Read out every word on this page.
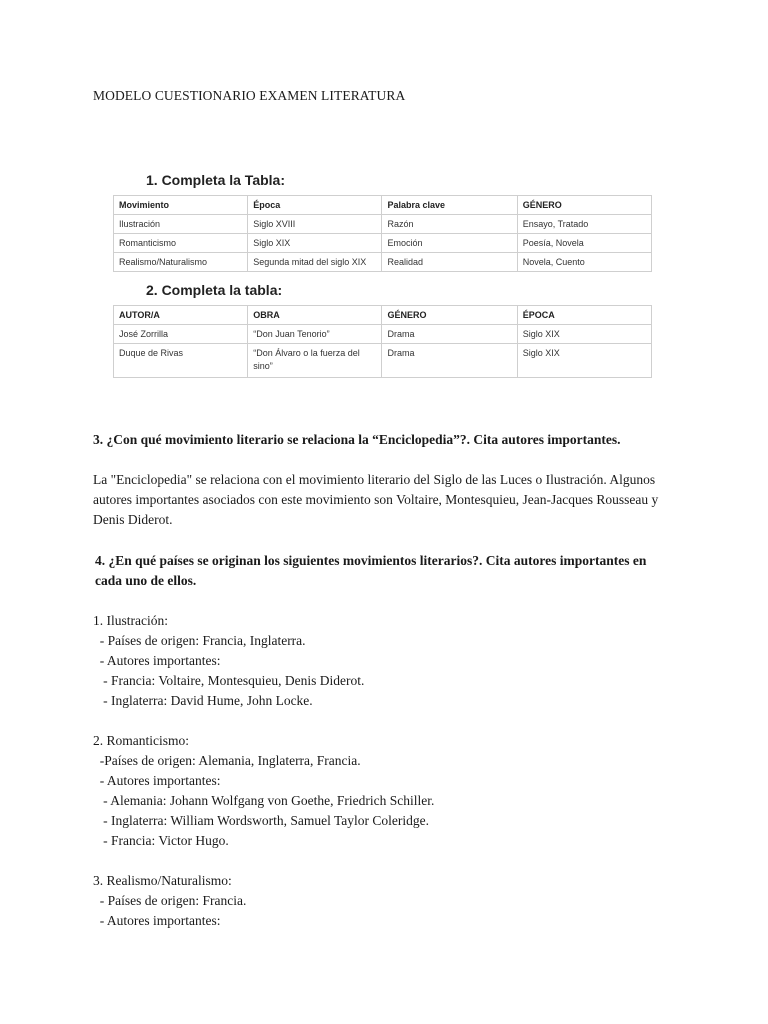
MODELO CUESTIONARIO EXAMEN LITERATURA
1. Completa la Tabla:
Movimiento	Época	Palabra clave	GÉNERO
Ilustración	Siglo XVIII	Razón	Ensayo, Tratado
Romanticismo	Siglo XIX	Emoción	Poesía, Novela
Realismo/Naturalismo	Segunda mitad del siglo XIX	Realidad	Novela, Cuento
2. Completa la tabla:
AUTOR/A	OBRA	GÉNERO	ÉPOCA
José Zorrilla	“Don Juan Tenorio”	Drama	Siglo XIX
Duque de Rivas	“Don Álvaro o la fuerza del sino”	Drama	Siglo XIX
3. ¿Con qué movimiento literario se relaciona la “Enciclopedia”?. Cita autores importantes.
La "Enciclopedia" se relaciona con el movimiento literario del Siglo de las Luces o Ilustración. Algunos autores importantes asociados con este movimiento son Voltaire, Montesquieu, Jean-Jacques Rousseau y Denis Diderot.
4. ¿En qué países se originan los siguientes movimientos literarios?. Cita autores importantes en cada uno de ellos.
1. Ilustración:
- Países de origen: Francia, Inglaterra.
- Autores importantes:
- Francia: Voltaire, Montesquieu, Denis Diderot.
- Inglaterra: David Hume, John Locke.
2. Romanticismo:
-Países de origen: Alemania, Inglaterra, Francia.
- Autores importantes:
- Alemania: Johann Wolfgang von Goethe, Friedrich Schiller.
- Inglaterra: William Wordsworth, Samuel Taylor Coleridge.
- Francia: Victor Hugo.
3. Realismo/Naturalismo:
- Países de origen: Francia.
- Autores importantes:
